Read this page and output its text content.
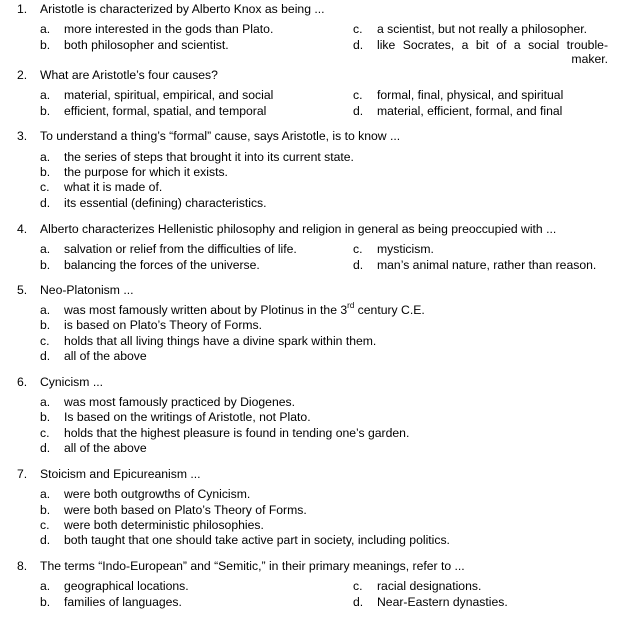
1. Aristotle is characterized by Alberto Knox as being ...
a. more interested in the gods than Plato.
b. both philosopher and scientist.
c. a scientist, but not really a philosopher.
d. like Socrates, a bit of a social trouble-maker.
2. What are Aristotle’s four causes?
a. material, spiritual, empirical, and social
b. efficient, formal, spatial, and temporal
c. formal, final, physical, and spiritual
d. material, efficient, formal, and final
3. To understand a thing’s “formal” cause, says Aristotle, is to know ...
a. the series of steps that brought it into its current state.
b. the purpose for which it exists.
c. what it is made of.
d. its essential (defining) characteristics.
4. Alberto characterizes Hellenistic philosophy and religion in general as being preoccupied with ...
a. salvation or relief from the difficulties of life.
b. balancing the forces of the universe.
c. mysticism.
d. man’s animal nature, rather than reason.
5. Neo-Platonism ...
a. was most famously written about by Plotinus in the 3rd century C.E.
b. is based on Plato’s Theory of Forms.
c. holds that all living things have a divine spark within them.
d. all of the above
6. Cynicism ...
a. was most famously practiced by Diogenes.
b. Is based on the writings of Aristotle, not Plato.
c. holds that the highest pleasure is found in tending one’s garden.
d. all of the above
7. Stoicism and Epicureanism ...
a. were both outgrowths of Cynicism.
b. were both based on Plato’s Theory of Forms.
c. were both deterministic philosophies.
d. both taught that one should take active part in society, including politics.
8. The terms “Indo-European” and “Semitic,” in their primary meanings, refer to ...
a. geographical locations.
b. families of languages.
c. racial designations.
d. Near-Eastern dynasties.
